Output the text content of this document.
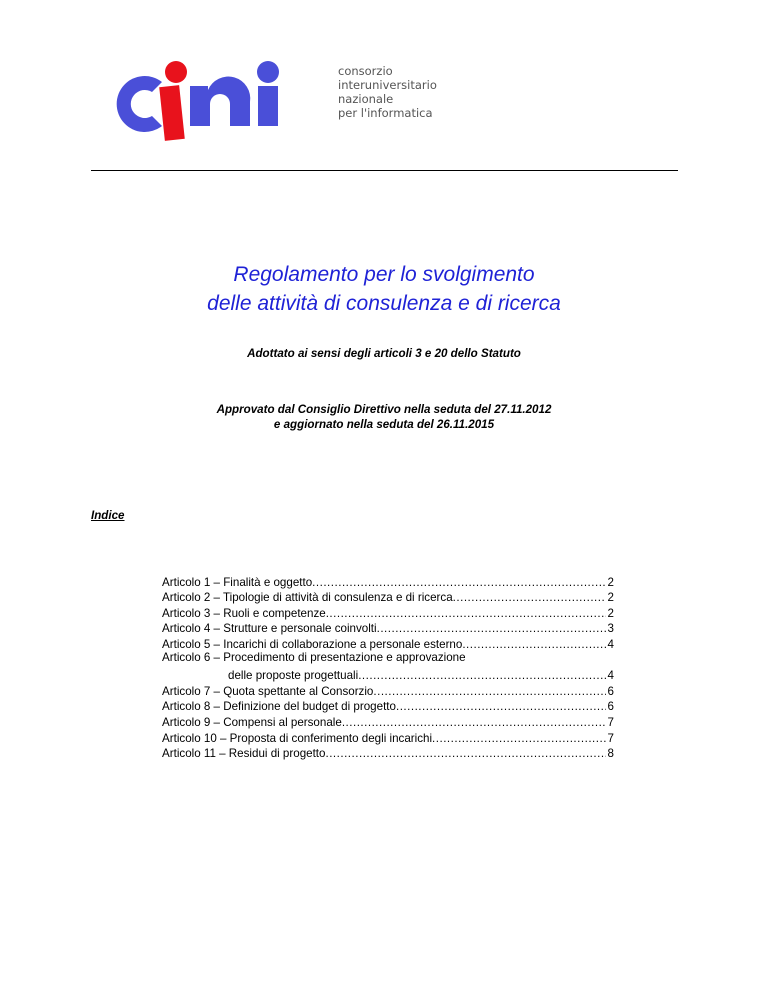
consorzio
interuniversitario
nazionale
per l'informatica
Regolamento per lo svolgimento
delle attività di consulenza e di ricerca
Adottato ai sensi degli articoli 3 e 20 dello Statuto
Approvato dal Consiglio Direttivo nella seduta del 27.11.2012
e aggiornato nella seduta del 26.11.2015
Indice
Articolo 1 – Finalità e oggetto .....	2
Articolo 2 – Tipologie di attività di consulenza e di ricerca .....	2
Articolo 3 – Ruoli e competenze .....	2
Articolo 4 – Strutture e personale coinvolti .....	3
Articolo 5 – Incarichi di collaborazione a personale esterno .....	4
Articolo 6 – Procedimento di presentazione e approvazione
delle proposte progettuali .....	4
Articolo 7 – Quota spettante al Consorzio .....	6
Articolo 8 – Definizione del budget di progetto .....	6
Articolo 9 – Compensi al personale .....	7
Articolo 10 – Proposta di conferimento degli incarichi .....	7
Articolo 11 – Residui di progetto .....	8
